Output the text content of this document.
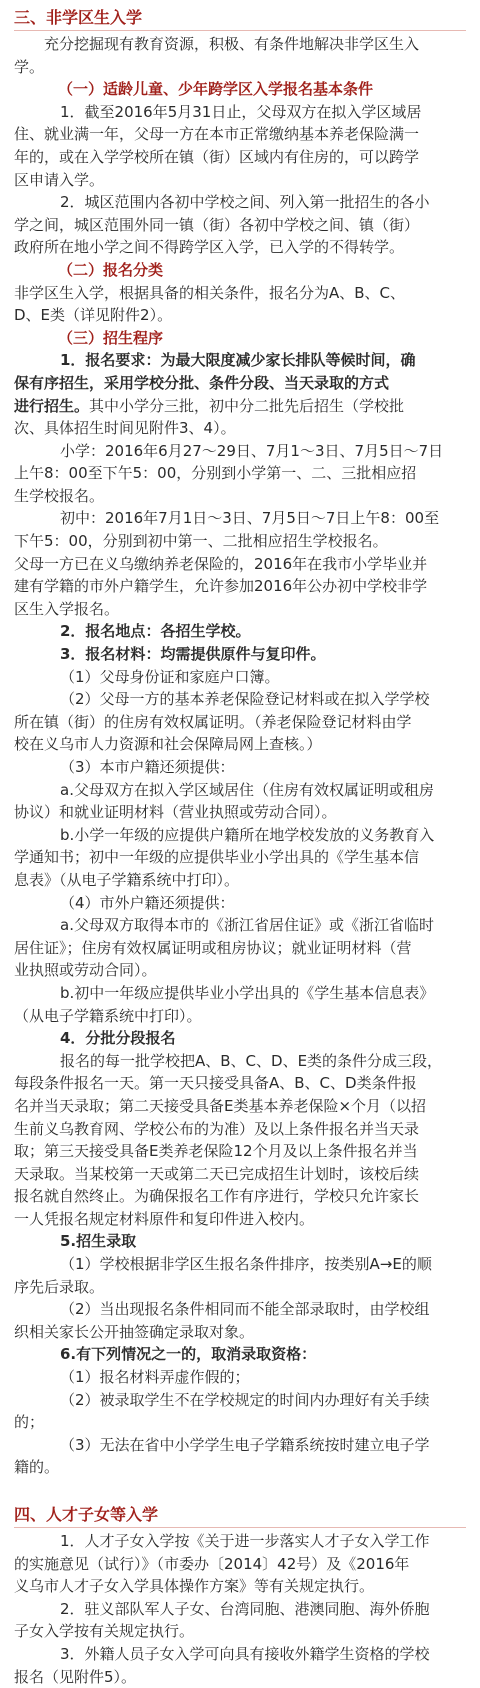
三、非学区生入学
充分挖掘现有教育资源，积极、有条件地解决非学区生入
学。
（一）适龄儿童、少年跨学区入学报名基本条件
1．截至2016年5月31日止，父母双方在拟入学区域居
住、就业满一年，父母一方在本市正常缴纳基本养老保险满一
年的，或在入学学校所在镇（街）区域内有住房的，可以跨学
区申请入学。
2．城区范围内各初中学校之间、列入第一批招生的各小
学之间，城区范围外同一镇（街）各初中学校之间、镇（街）
政府所在地小学之间不得跨学区入学，已入学的不得转学。
（二）报名分类
非学区生入学，根据具备的相关条件，报名分为A、B、C、
D、E类（详见附件2）。
（三）招生程序
1．报名要求：为最大限度减少家长排队等候时间，确
保有序招生，采用学校分批、条件分段、当天录取的方式
进行招生。其中小学分三批，初中分二批先后招生（学校批
次、具体招生时间见附件3、4）。
小学：2016年6月27～29日、7月1～3日、7月5日～7日
上午8：00至下午5：00，分别到小学第一、二、三批相应招
生学校报名。
初中：2016年7月1日～3日、7月5日～7日上午8：00至
下午5：00，分别到初中第一、二批相应招生学校报名。
父母一方已在义乌缴纳养老保险的，2016年在我市小学毕业并
建有学籍的市外户籍学生，允许参加2016年公办初中学校非学
区生入学报名。
2．报名地点：各招生学校。
3．报名材料：均需提供原件与复印件。
（1）父母身份证和家庭户口簿。
（2）父母一方的基本养老保险登记材料或在拟入学学校
所在镇（街）的住房有效权属证明。（养老保险登记材料由学
校在义乌市人力资源和社会保障局网上查核。）
（3）本市户籍还须提供：
a.父母双方在拟入学区域居住（住房有效权属证明或租房
协议）和就业证明材料（营业执照或劳动合同）。
b.小学一年级的应提供户籍所在地学校发放的义务教育入
学通知书；初中一年级的应提供毕业小学出具的《学生基本信
息表》（从电子学籍系统中打印）。
（4）市外户籍还须提供：
a.父母双方取得本市的《浙江省居住证》或《浙江省临时
居住证》；住房有效权属证明或租房协议；就业证明材料（营
业执照或劳动合同）。
b.初中一年级应提供毕业小学出具的《学生基本信息表》
（从电子学籍系统中打印）。
4．分批分段报名
报名的每一批学校把A、B、C、D、E类的条件分成三段，
每段条件报名一天。第一天只接受具备A、B、C、D类条件报
名并当天录取；第二天接受具备E类基本养老保险×个月（以招
生前义乌教育网、学校公布的为准）及以上条件报名并当天录
取；第三天接受具备E类养老保险12个月及以上条件报名并当
天录取。当某校第一天或第二天已完成招生计划时，该校后续
报名就自然终止。为确保报名工作有序进行，学校只允许家长
一人凭报名规定材料原件和复印件进入校内。
5.招生录取
（1）学校根据非学区生报名条件排序，按类别A→E的顺
序先后录取。
（2）当出现报名条件相同而不能全部录取时，由学校组
织相关家长公开抽签确定录取对象。
6.有下列情况之一的，取消录取资格：
（1）报名材料弄虚作假的；
（2）被录取学生不在学校规定的时间内办理好有关手续
的；
（3）无法在省中小学学生电子学籍系统按时建立电子学
籍的。
四、人才子女等入学
1．人才子女入学按《关于进一步落实人才子女入学工作
的实施意见（试行）》（市委办〔2014〕42号）及《2016年
义乌市人才子女入学具体操作方案》等有关规定执行。
2．驻义部队军人子女、台湾同胞、港澳同胞、海外侨胞
子女入学按有关规定执行。
3．外籍人员子女入学可向具有接收外籍学生资格的学校
报名（见附件5）。
